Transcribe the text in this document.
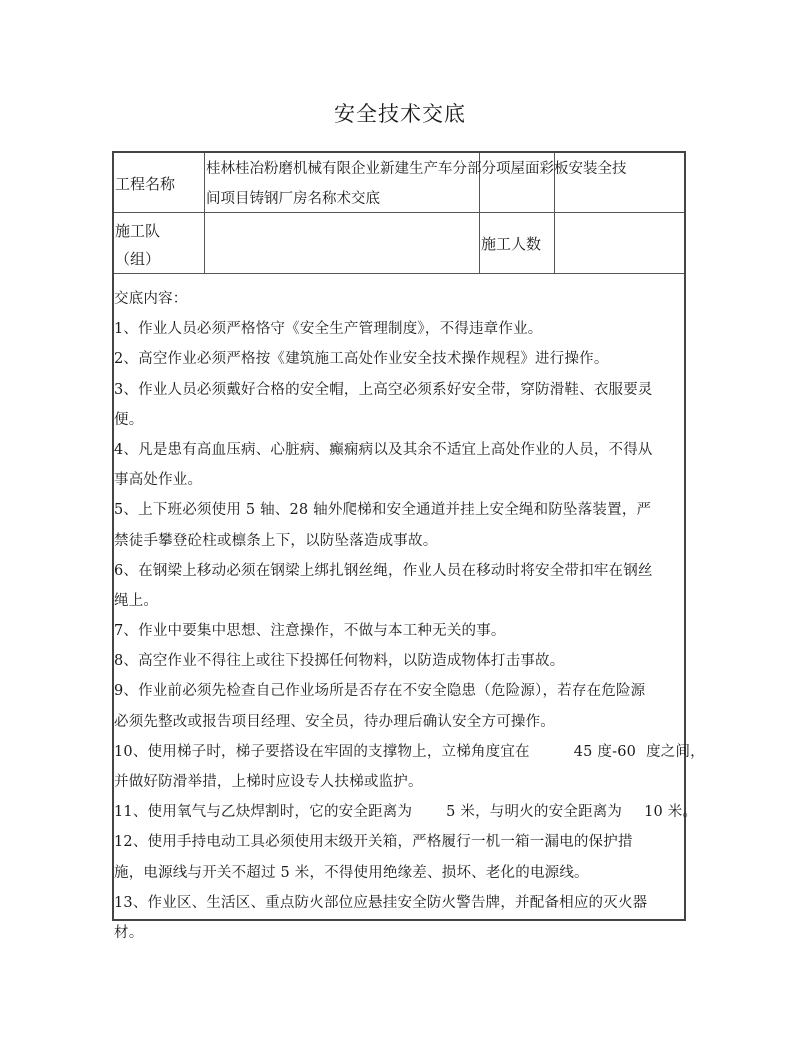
安全技术交底
工程名称
桂林桂冶粉磨机械有限企业新建生产车分部分项屋面彩板安装全技
间项目铸钢厂房名称术交底
施工队
（组）
施工人数
交底内容：
1、作业人员必须严格恪守《安全生产管理制度》，不得违章作业。
2、高空作业必须严格按《建筑施工高处作业安全技术操作规程》进行操作。
3、作业人员必须戴好合格的安全帽，上高空必须系好安全带，穿防滑鞋、衣服要灵
便。
4、凡是患有高血压病、心脏病、癫痫病以及其余不适宜上高处作业的人员，不得从
事高处作业。
5、上下班必须使用 5 轴、28 轴外爬梯和安全通道并挂上安全绳和防坠落装置，严
禁徒手攀登砼柱或檩条上下，以防坠落造成事故。
6、在钢梁上移动必须在钢梁上绑扎钢丝绳，作业人员在移动时将安全带扣牢在钢丝
绳上。
7、作业中要集中思想、注意操作，不做与本工种无关的事。
8、高空作业不得往上或往下投掷任何物料，以防造成物体打击事故。
9、作业前必须先检查自己作业场所是否存在不安全隐患（危险源），若存在危险源
必须先整改或报告项目经理、安全员，待办理后确认安全方可操作。
10、使用梯子时，梯子要搭设在牢固的支撑物上，立梯角度宜在	45 度-60 度之间，
并做好防滑举措，上梯时应设专人扶梯或监护。
11、使用氧气与乙炔焊割时，它的安全距离为 5 米，与明火的安全距离为 10 米。
12、使用手持电动工具必须使用末级开关箱，严格履行一机一箱一漏电的保护措
施，电源线与开关不超过 5 米，不得使用绝缘差、损坏、老化的电源线。
13、作业区、生活区、重点防火部位应悬挂安全防火警告牌，并配备相应的灭火器
材。
